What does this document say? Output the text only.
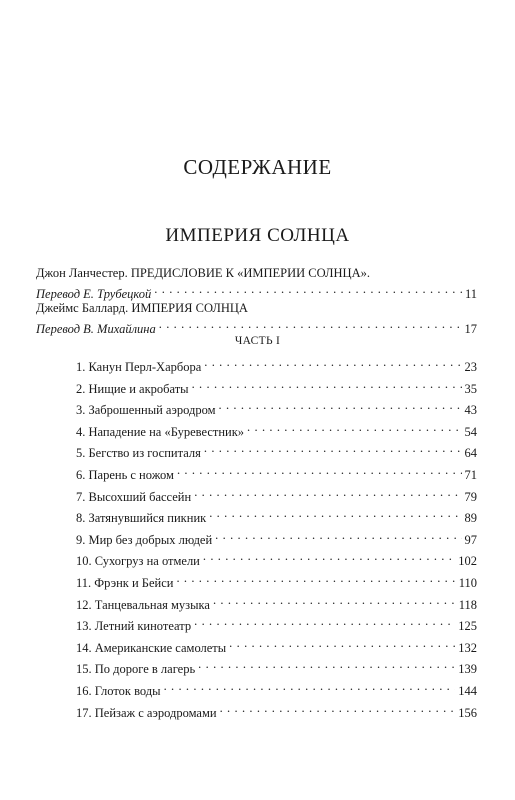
СОДЕРЖАНИЕ
ИМПЕРИЯ СОЛНЦА
Джон Ланчестер. ПРЕДИСЛОВИЕ К «ИМПЕРИИ СОЛНЦА».
Перевод Е. Трубецкой . . .	11
Джеймс Баллард. ИМПЕРИЯ СОЛНЦА
Перевод В. Михайлина . . .	17
ЧАСТЬ I
1. Канун Перл-Харбора . . .	23
2. Нищие и акробаты . . .	35
3. Заброшенный аэродром . . .	43
4. Нападение на «Буревестник» . . .	54
5. Бегство из госпиталя . . .	64
6. Парень с ножом . . .	71
7. Высохший бассейн . . .	79
8. Затянувшийся пикник . . .	89
9. Мир без добрых людей . . .	97
10. Сухогруз на отмели . . .	102
11. Фрэнк и Бейси . . .	110
12. Танцевальная музыка . . .	118
13. Летний кинотеатр . . .	125
14. Американские самолеты . . .	132
15. По дороге в лагерь . . .	139
16. Глоток воды . . .	144
17. Пейзаж с аэродромами . . .	156
